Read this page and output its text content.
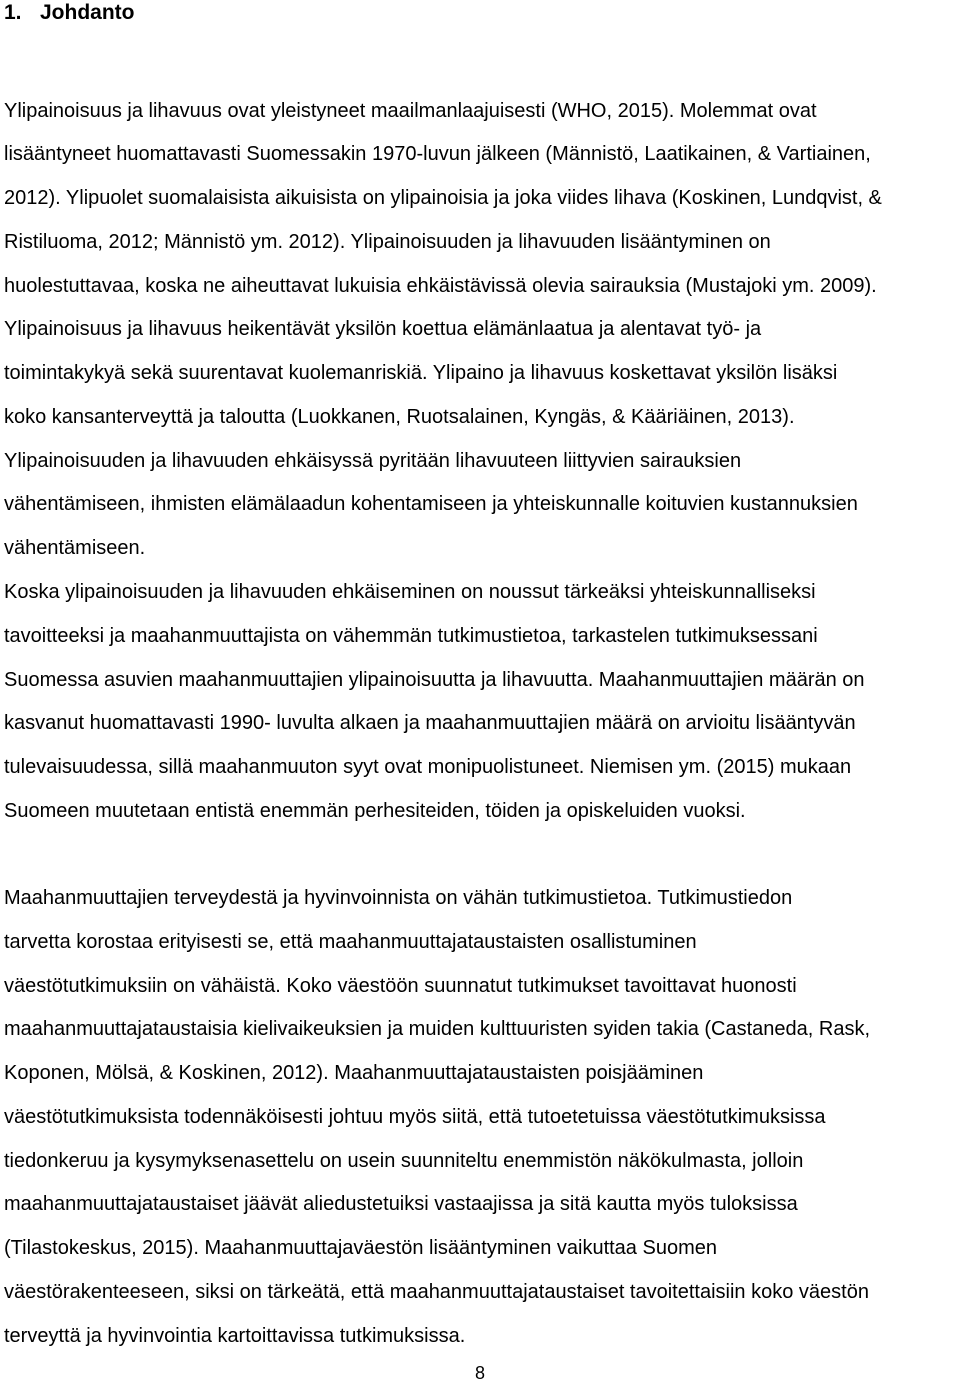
1. Johdanto
Ylipainoisuus ja lihavuus ovat yleistyneet maailmanlaajuisesti (WHO, 2015). Molemmat ovat
lisääntyneet huomattavasti Suomessakin 1970-luvun jälkeen (Männistö, Laatikainen, & Vartiainen,
2012). Ylipuolet suomalaisista aikuisista on ylipainoisia ja joka viides lihava (Koskinen, Lundqvist, &
Ristiluoma, 2012; Männistö ym. 2012). Ylipainoisuuden ja lihavuuden lisääntyminen on
huolestuttavaa, koska ne aiheuttavat lukuisia ehkäistävissä olevia sairauksia (Mustajoki ym. 2009).
Ylipainoisuus ja lihavuus heikentävät yksilön koettua elämänlaatua ja alentavat työ- ja
toimintakykyä sekä suurentavat kuolemanriskiä. Ylipaino ja lihavuus koskettavat yksilön lisäksi
koko kansanterveyttä ja taloutta (Luokkanen, Ruotsalainen, Kyngäs, & Kääriäinen, 2013).
Ylipainoisuuden ja lihavuuden ehkäisyssä pyritään lihavuuteen liittyvien sairauksien
vähentämiseen, ihmisten elämälaadun kohentamiseen ja yhteiskunnalle koituvien kustannuksien
vähentämiseen.
Koska ylipainoisuuden ja lihavuuden ehkäiseminen on noussut tärkeäksi yhteiskunnalliseksi
tavoitteeksi ja maahanmuuttajista on vähemmän tutkimustietoa, tarkastelen tutkimuksessani
Suomessa asuvien maahanmuuttajien ylipainoisuutta ja lihavuutta. Maahanmuuttajien määrän on
kasvanut huomattavasti 1990- luvulta alkaen ja maahanmuuttajien määrä on arvioitu lisääntyvän
tulevaisuudessa, sillä maahanmuuton syyt ovat monipuolistuneet. Niemisen ym. (2015) mukaan
Suomeen muutetaan entistä enemmän perhesiteiden, töiden ja opiskeluiden vuoksi.
Maahanmuuttajien terveydestä ja hyvinvoinnista on vähän tutkimustietoa. Tutkimustiedon
tarvetta korostaa erityisesti se, että maahanmuuttajataustaisten osallistuminen
väestötutkimuksiin on vähäistä. Koko väestöön suunnatut tutkimukset tavoittavat huonosti
maahanmuuttajataustaisia kielivaikeuksien ja muiden kulttuuristen syiden takia (Castaneda, Rask,
Koponen, Mölsä, & Koskinen, 2012). Maahanmuuttajataustaisten poisjääminen
väestötutkimuksista todennäköisesti johtuu myös siitä, että tutoetetuissa väestötutkimuksissa
tiedonkeruu ja kysymyksenasettelu on usein suunniteltu enemmistön näkökulmasta, jolloin
maahanmuuttajataustaiset jäävät aliedustetuiksi vastaajissa ja sitä kautta myös tuloksissa
(Tilastokeskus, 2015). Maahanmuuttajaväestön lisääntyminen vaikuttaa Suomen
väestörakenteeseen, siksi on tärkeätä, että maahanmuuttajataustaiset tavoitettaisiin koko väestön
terveyttä ja hyvinvointia kartoittavissa tutkimuksissa.
8
